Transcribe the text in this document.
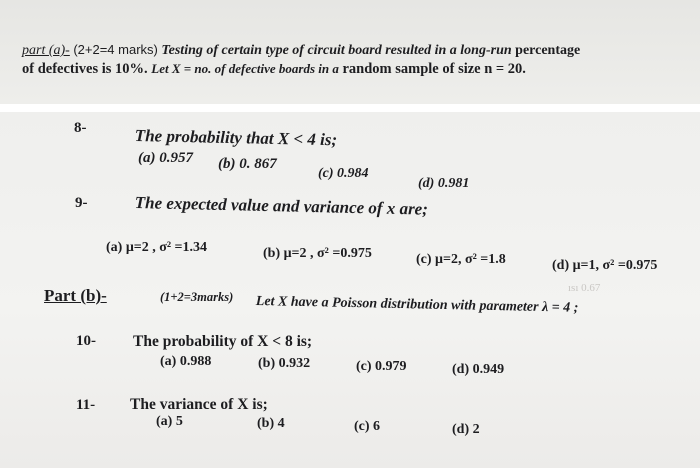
part (a)- (2+2=4 marks) Testing of certain type of circuit board resulted in a long-run percentage
of defectives is 10%. Let X = no. of defective boards in a random sample of size n = 20.
8-	The probability that X < 4 is;
(a) 0.957 (b) 0. 867
(c) 0.984
(d) 0.981
9-	The expected value and variance of x are;
(a) μ=2 , σ² =1.34	(b) μ=2 , σ² =0.975	(c) μ=2, σ² =1.8	(d) μ=1, σ² =0.975
Part (b)-	(1+2=3marks) Let X have a Poisson distribution with parameter λ = 4 ;
ısı 0.67
10- The probability of X < 8 is;
(a) 0.988	(b) 0.932	(c) 0.979	(d) 0.949
11- The variance of X is;
(a) 5	(b) 4	(c) 6	(d) 2
